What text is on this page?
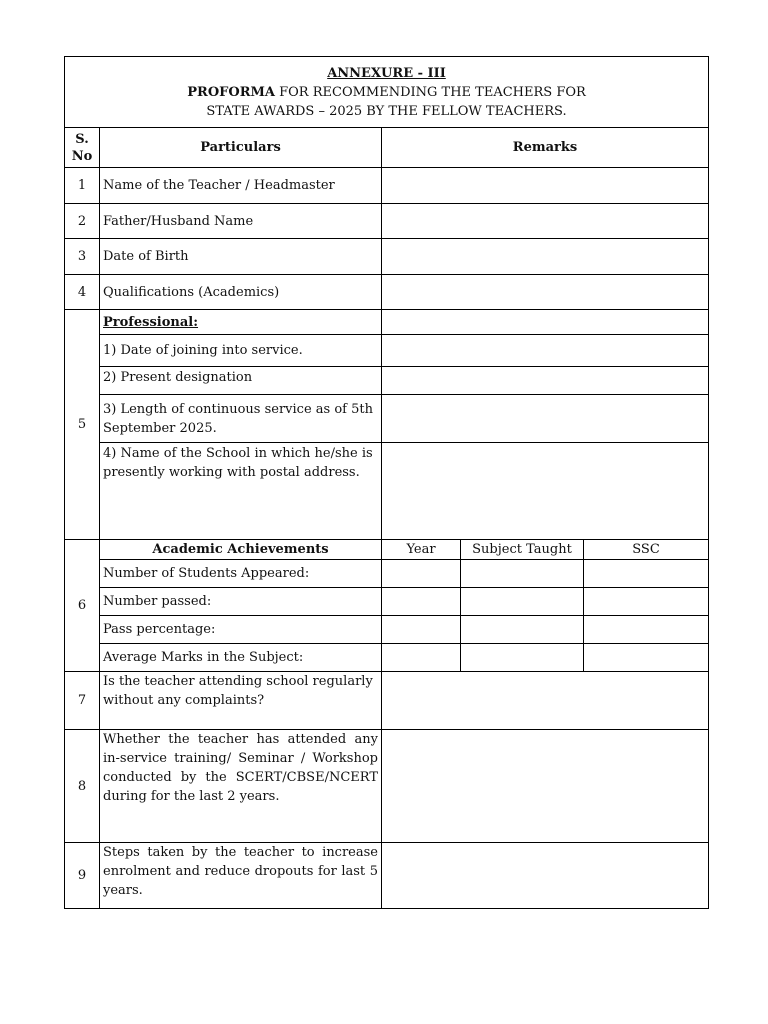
ANNEXURE - III
PROFORMA FOR RECOMMENDING THE TEACHERS FOR
STATE AWARDS – 2025 BY THE FELLOW TEACHERS.				

S. No	Particulars	Remarks		
1	Name of the Teacher / Headmaster			
2	Father/Husband Name			
3	Date of Birth			
4	Qualifications (Academics)			
5	Professional:			
	1) Date of joining into service.			
	2) Present designation			
	3) Length of continuous service as of 5th September 2025.			
	4) Name of the School in which he/she is presently working with postal address.			
6	Academic Achievements	Year	Subject Taught	SSC
	Number of Students Appeared:			
	Number passed:			
	Pass percentage:			
	Average Marks in the Subject:			
7	Is the teacher attending school regularly without any complaints?			
8	Whether the teacher has attended any in-service training/ Seminar / Workshop conducted by the SCERT/CBSE/NCERT during for the last 2 years.			
9	Steps taken by the teacher to increase enrolment and reduce dropouts for last 5 years.			
